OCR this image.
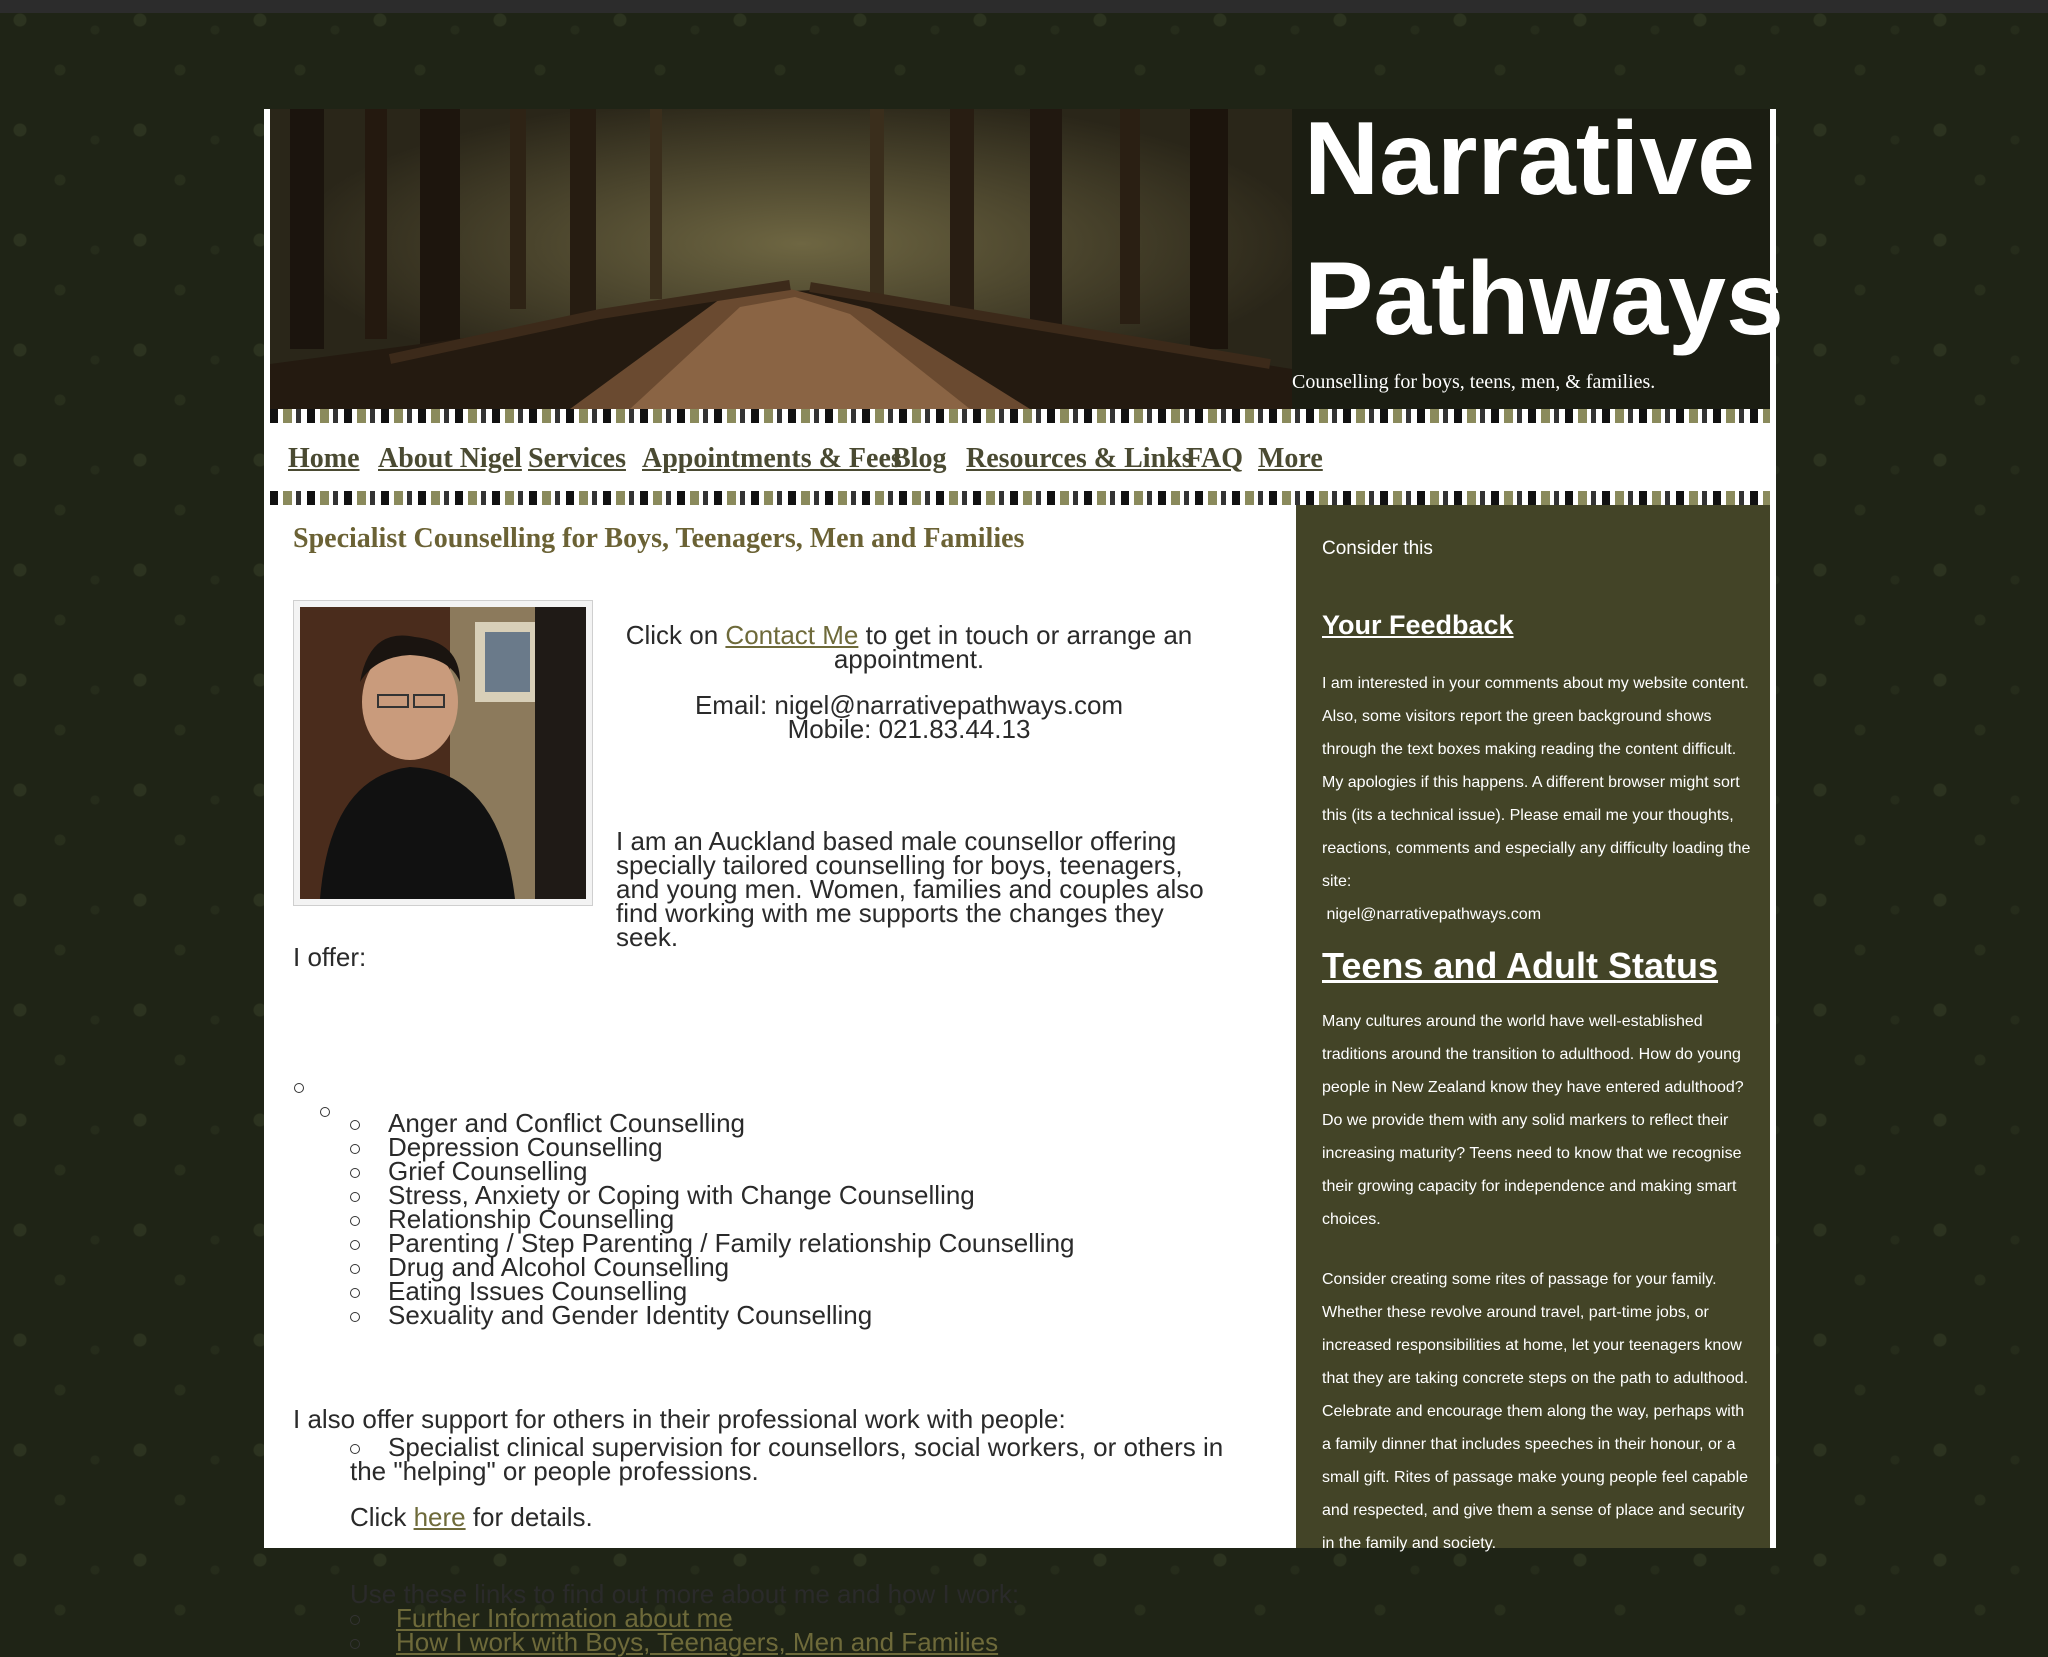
Narrative
Pathways
Counselling for boys, teens, men, & families.
Home About Nigel Services Appointments & Fees
Blog Resources & Links
FAQ More
Specialist Counselling for Boys, Teenagers, Men and Families

Click on Contact Me to get in touch or arrange an appointment.

Email: nigel@narrativepathways.com
Mobile: 021.83.44.13

I am an Auckland based male counsellor offering specially tailored counselling for boys, teenagers, and young men. Women, families and couples also find working with me supports the changes they seek.

I offer:
Anger and Conflict Counselling
Depression Counselling
Grief Counselling
Stress, Anxiety or Coping with Change Counselling
Relationship Counselling
Parenting / Step Parenting / Family relationship Counselling
Drug and Alcohol Counselling
Eating Issues Counselling
Sexuality and Gender Identity Counselling
I also offer support for others in their professional work with people:
Specialist clinical supervision for counsellors, social workers, or others in the "helping" or people professions.
Click here for details.
Use these links to find out more about me and how I work:
Further Information about me
How I work with Boys, Teenagers, Men and Families
Consider this
Your Feedback
I am interested in your comments about my website content. Also, some visitors report the green background shows through the text boxes making reading the content difficult. My apologies if this happens. A different browser might sort this (its a technical issue). Please email me your thoughts, reactions, comments and especially any difficulty loading the site:
nigel@narrativepathways.com
Teens and Adult Status
Many cultures around the world have well-established traditions around the transition to adulthood. How do young people in New Zealand know they have entered adulthood? Do we provide them with any solid markers to reflect their increasing maturity? Teens need to know that we recognise their growing capacity for independence and making smart choices.
Consider creating some rites of passage for your family. Whether these revolve around travel, part-time jobs, or increased responsibilities at home, let your teenagers know that they are taking concrete steps on the path to adulthood. Celebrate and encourage them along the way, perhaps with a family dinner that includes speeches in their honour, or a small gift. Rites of passage make young people feel capable and respected, and give them a sense of place and security in the family and society.
